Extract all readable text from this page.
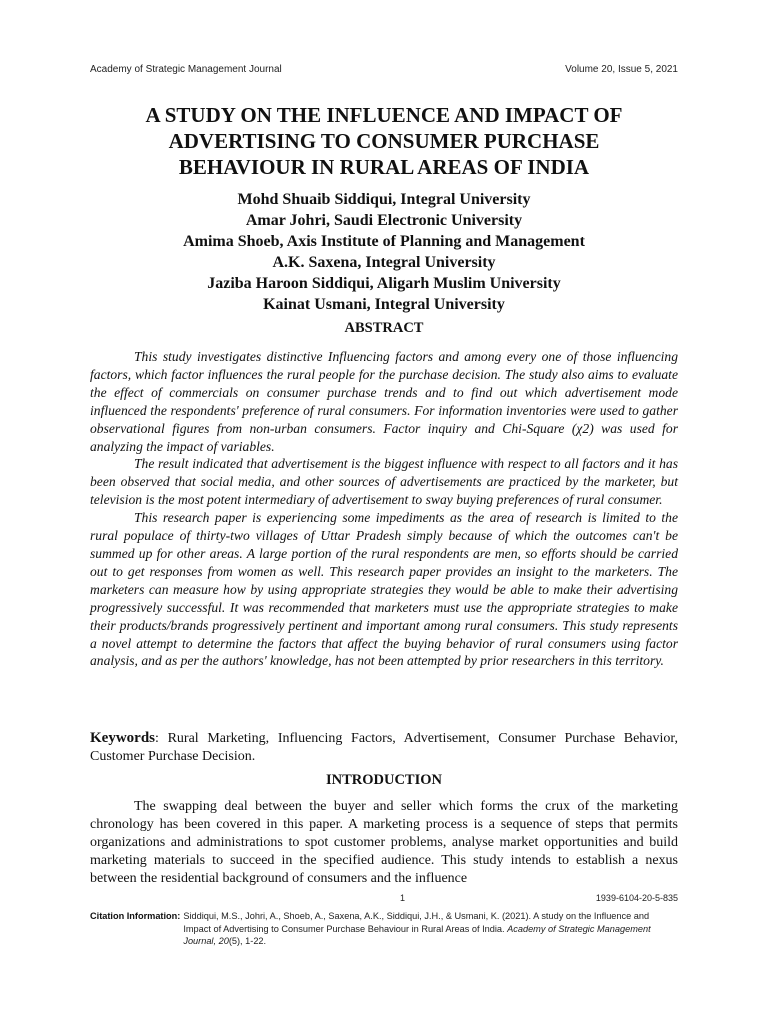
Academy of Strategic Management Journal	Volume 20, Issue 5, 2021
A STUDY ON THE INFLUENCE AND IMPACT OF
ADVERTISING TO CONSUMER PURCHASE
BEHAVIOUR IN RURAL AREAS OF INDIA
Mohd Shuaib Siddiqui, Integral University
Amar Johri, Saudi Electronic University
Amima Shoeb, Axis Institute of Planning and Management
A.K. Saxena, Integral University
Jaziba Haroon Siddiqui, Aligarh Muslim University
Kainat Usmani, Integral University
ABSTRACT

This study investigates distinctive Influencing factors and among every one of those influencing factors, which factor influences the rural people for the purchase decision. The study also aims to evaluate the effect of commercials on consumer purchase trends and to find out which advertisement mode influenced the respondents' preference of rural consumers. For information inventories were used to gather observational figures from non-urban consumers. Factor inquiry and Chi-Square (χ2) was used for analyzing the impact of variables.

The result indicated that advertisement is the biggest influence with respect to all factors and it has been observed that social media, and other sources of advertisements are practiced by the marketer, but television is the most potent intermediary of advertisement to sway buying preferences of rural consumer.

This research paper is experiencing some impediments as the area of research is limited to the rural populace of thirty-two villages of Uttar Pradesh simply because of which the outcomes can't be summed up for other areas. A large portion of the rural respondents are men, so efforts should be carried out to get responses from women as well. This research paper provides an insight to the marketers. The marketers can measure how by using appropriate strategies they would be able to make their advertising progressively successful. It was recommended that marketers must use the appropriate strategies to make their products/brands progressively pertinent and important among rural consumers. This study represents a novel attempt to determine the factors that affect the buying behavior of rural consumers using factor analysis, and as per the authors' knowledge, has not been attempted by prior researchers in this territory.

Keywords: Rural Marketing, Influencing Factors, Advertisement, Consumer Purchase Behavior, Customer Purchase Decision.
INTRODUCTION

The swapping deal between the buyer and seller which forms the crux of the marketing chronology has been covered in this paper. A marketing process is a sequence of steps that permits organizations and administrations to spot customer problems, analyse market opportunities and build marketing materials to succeed in the specified audience. This study intends to establish a nexus between the residential background of consumers and the influence

1	1939-6104-20-5-835
Citation Information: Siddiqui, M.S., Johri, A., Shoeb, A., Saxena, A.K., Siddiqui, J.H., & Usmani, K. (2021). A study on the Influence and Impact of Advertising to Consumer Purchase Behaviour in Rural Areas of India. Academy of Strategic Management Journal, 20(5), 1-22.
